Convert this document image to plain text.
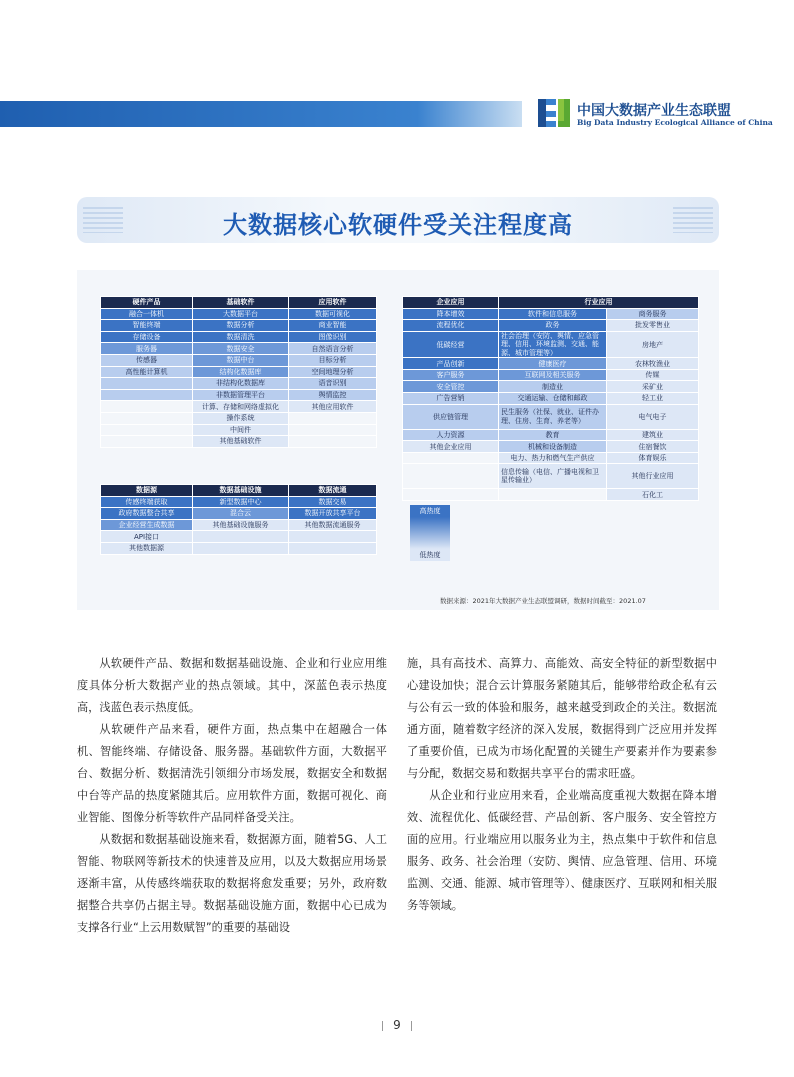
中国大数据产业生态联盟
Big Data Industry Ecological Alliance of China
大数据核心软硬件受关注程度高
硬件产品	基础软件	应用软件
融合一体机	大数据平台	数据可视化
智能终端	数据分析	商业智能
存储设备	数据清洗	图像识别
服务器	数据安全	自然语言分析
传感器	数据中台	目标分析
高性能计算机	结构化数据库	空间地理分析
	非结构化数据库	语音识别
	非数据管理平台	舆情监控
	计算、存储和网络虚拟化	其他应用软件
	操作系统	
	中间件	
	其他基础软件	
数据源	数据基础设施	数据流通
传感终端获取	新型数据中心	数据交易
政府数据整合共享	混合云	数据开放共享平台
企业经营生成数据	其他基础设施服务	其他数据流通服务
API接口		
其他数据源		
企业应用	行业应用	
降本增效	软件和信息服务	商务服务
流程优化	政务	批发零售业
低碳经营	社会治理（安防、舆情、应急管理、信用、环境监测、交通、能源、城市管理等）	房地产
产品创新	健康医疗	农林牧渔业
客户服务	互联网及相关服务	传媒
安全管控	制造业	采矿业
广告营销	交通运输、仓储和邮政	轻工业
供应链管理	民生服务（社保、就业、证件办理、住房、生育、养老等）	电气电子
人力资源	教育	建筑业
其他企业应用	机械和设备制造	住宿餐饮
	电力、热力和燃气生产供应	体育娱乐
	信息传输（电信、广播电视和卫星传输业）	其他行业应用
		石化工
高热度
低热度
数据来源：2021年大数据产业生态联盟调研，数据时间截至：2021.07

从软硬件产品、数据和数据基础设施、企业和行业应用维度具体分析大数据产业的热点领域。其中，深蓝色表示热度高，浅蓝色表示热度低。

从软硬件产品来看，硬件方面，热点集中在超融合一体机、智能终端、存储设备、服务器。基础软件方面，大数据平台、数据分析、数据清洗引领细分市场发展，数据安全和数据中台等产品的热度紧随其后。应用软件方面，数据可视化、商业智能、图像分析等软件产品同样备受关注。

从数据和数据基础设施来看，数据源方面，随着5G、人工智能、物联网等新技术的快速普及应用，以及大数据应用场景逐渐丰富，从传感终端获取的数据将愈发重要；另外，政府数据整合共享仍占据主导。数据基础设施方面，数据中心已成为支撑各行业“上云用数赋智”的重要的基础设

施，具有高技术、高算力、高能效、高安全特征的新型数据中心建设加快；混合云计算服务紧随其后，能够带给政企私有云与公有云一致的体验和服务，越来越受到政企的关注。数据流通方面，随着数字经济的深入发展，数据得到广泛应用并发挥了重要价值，已成为市场化配置的关键生产要素并作为要素参与分配，数据交易和数据共享平台的需求旺盛。

从企业和行业应用来看，企业端高度重视大数据在降本增效、流程优化、低碳经营、产品创新、客户服务、安全管控方面的应用。行业端应用以服务业为主，热点集中于软件和信息服务、政务、社会治理（安防、舆情、应急管理、信用、环境监测、交通、能源、城市管理等）、健康医疗、互联网和相关服务等领域。

9
